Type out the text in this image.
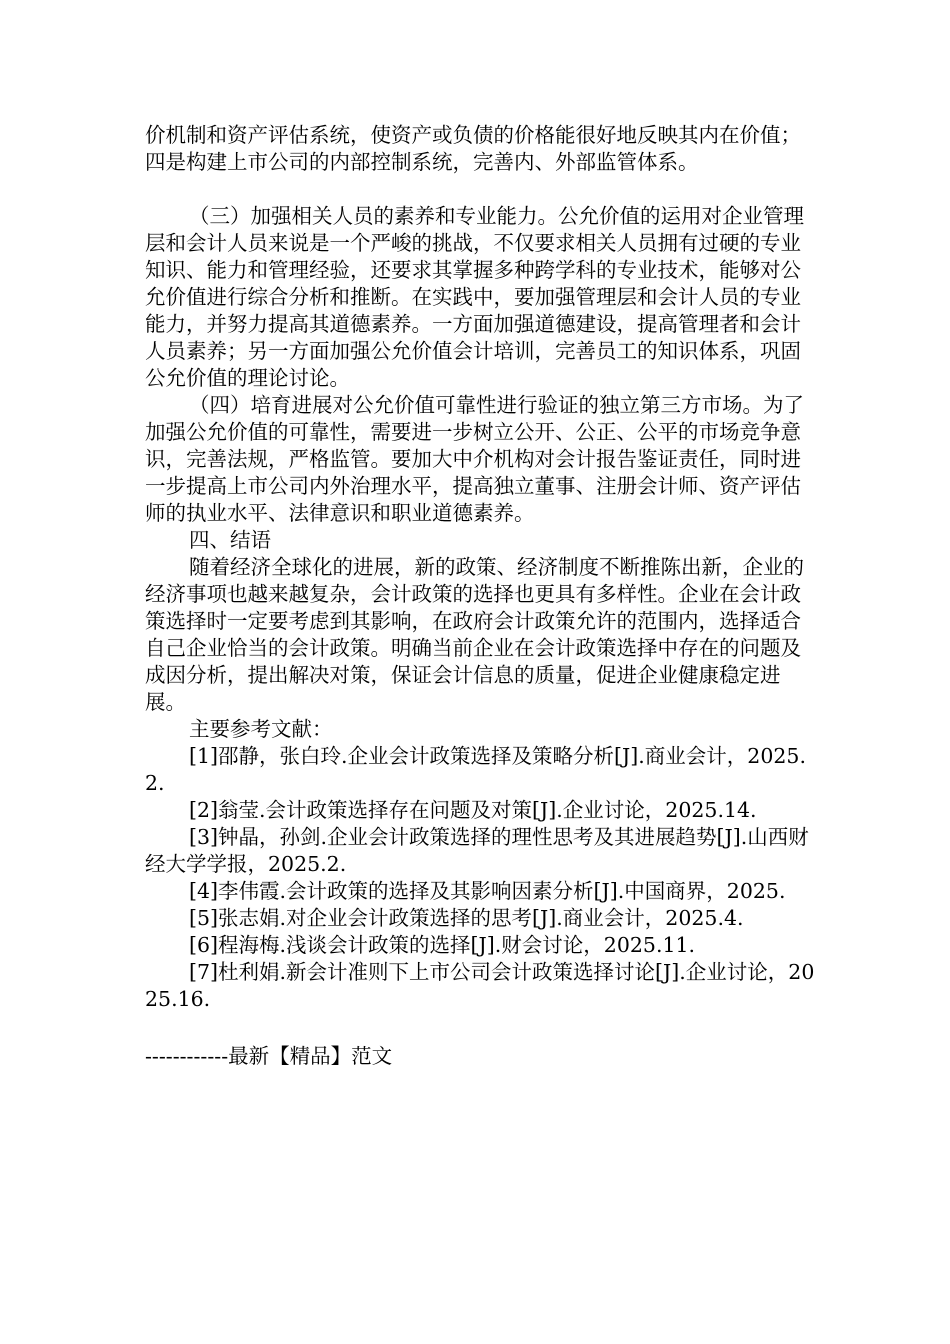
价机制和资产评估系统，使资产或负债的价格能很好地反映其内在价值；四是构建上市公司的内部控制系统，完善内、外部监管体系。

（三）加强相关人员的素养和专业能力。公允价值的运用对企业管理层和会计人员来说是一个严峻的挑战，不仅要求相关人员拥有过硬的专业知识、能力和管理经验，还要求其掌握多种跨学科的专业技术，能够对公允价值进行综合分析和推断。在实践中，要加强管理层和会计人员的专业能力，并努力提高其道德素养。一方面加强道德建设，提高管理者和会计人员素养；另一方面加强公允价值会计培训，完善员工的知识体系，巩固公允价值的理论讨论。

（四）培育进展对公允价值可靠性进行验证的独立第三方市场。为了加强公允价值的可靠性，需要进一步树立公开、公正、公平的市场竞争意识，完善法规，严格监管。要加大中介机构对会计报告鉴证责任，同时进一步提高上市公司内外治理水平，提高独立董事、注册会计师、资产评估师的执业水平、法律意识和职业道德素养。

四、结语

随着经济全球化的进展，新的政策、经济制度不断推陈出新，企业的经济事项也越来越复杂，会计政策的选择也更具有多样性。企业在会计政策选择时一定要考虑到其影响，在政府会计政策允许的范围内，选择适合自己企业恰当的会计政策。明确当前企业在会计政策选择中存在的问题及成因分析，提出解决对策，保证会计信息的质量，促进企业健康稳定进展。

主要参考文献：

[1]邵静，张白玲.企业会计政策选择及策略分析[J].商业会计，2025.2.

[2]翁莹.会计政策选择存在问题及对策[J].企业讨论，2025.14.

[3]钟晶，孙剑.企业会计政策选择的理性思考及其进展趋势[J].山西财经大学学报，2025.2.

[4]李伟霞.会计政策的选择及其影响因素分析[J].中国商界，2025.

[5]张志娟.对企业会计政策选择的思考[J].商业会计，2025.4.

[6]程海梅.浅谈会计政策的选择[J].财会讨论，2025.11.

[7]杜利娟.新会计准则下上市公司会计政策选择讨论[J].企业讨论，2025.16.

------------最新【精品】范文
